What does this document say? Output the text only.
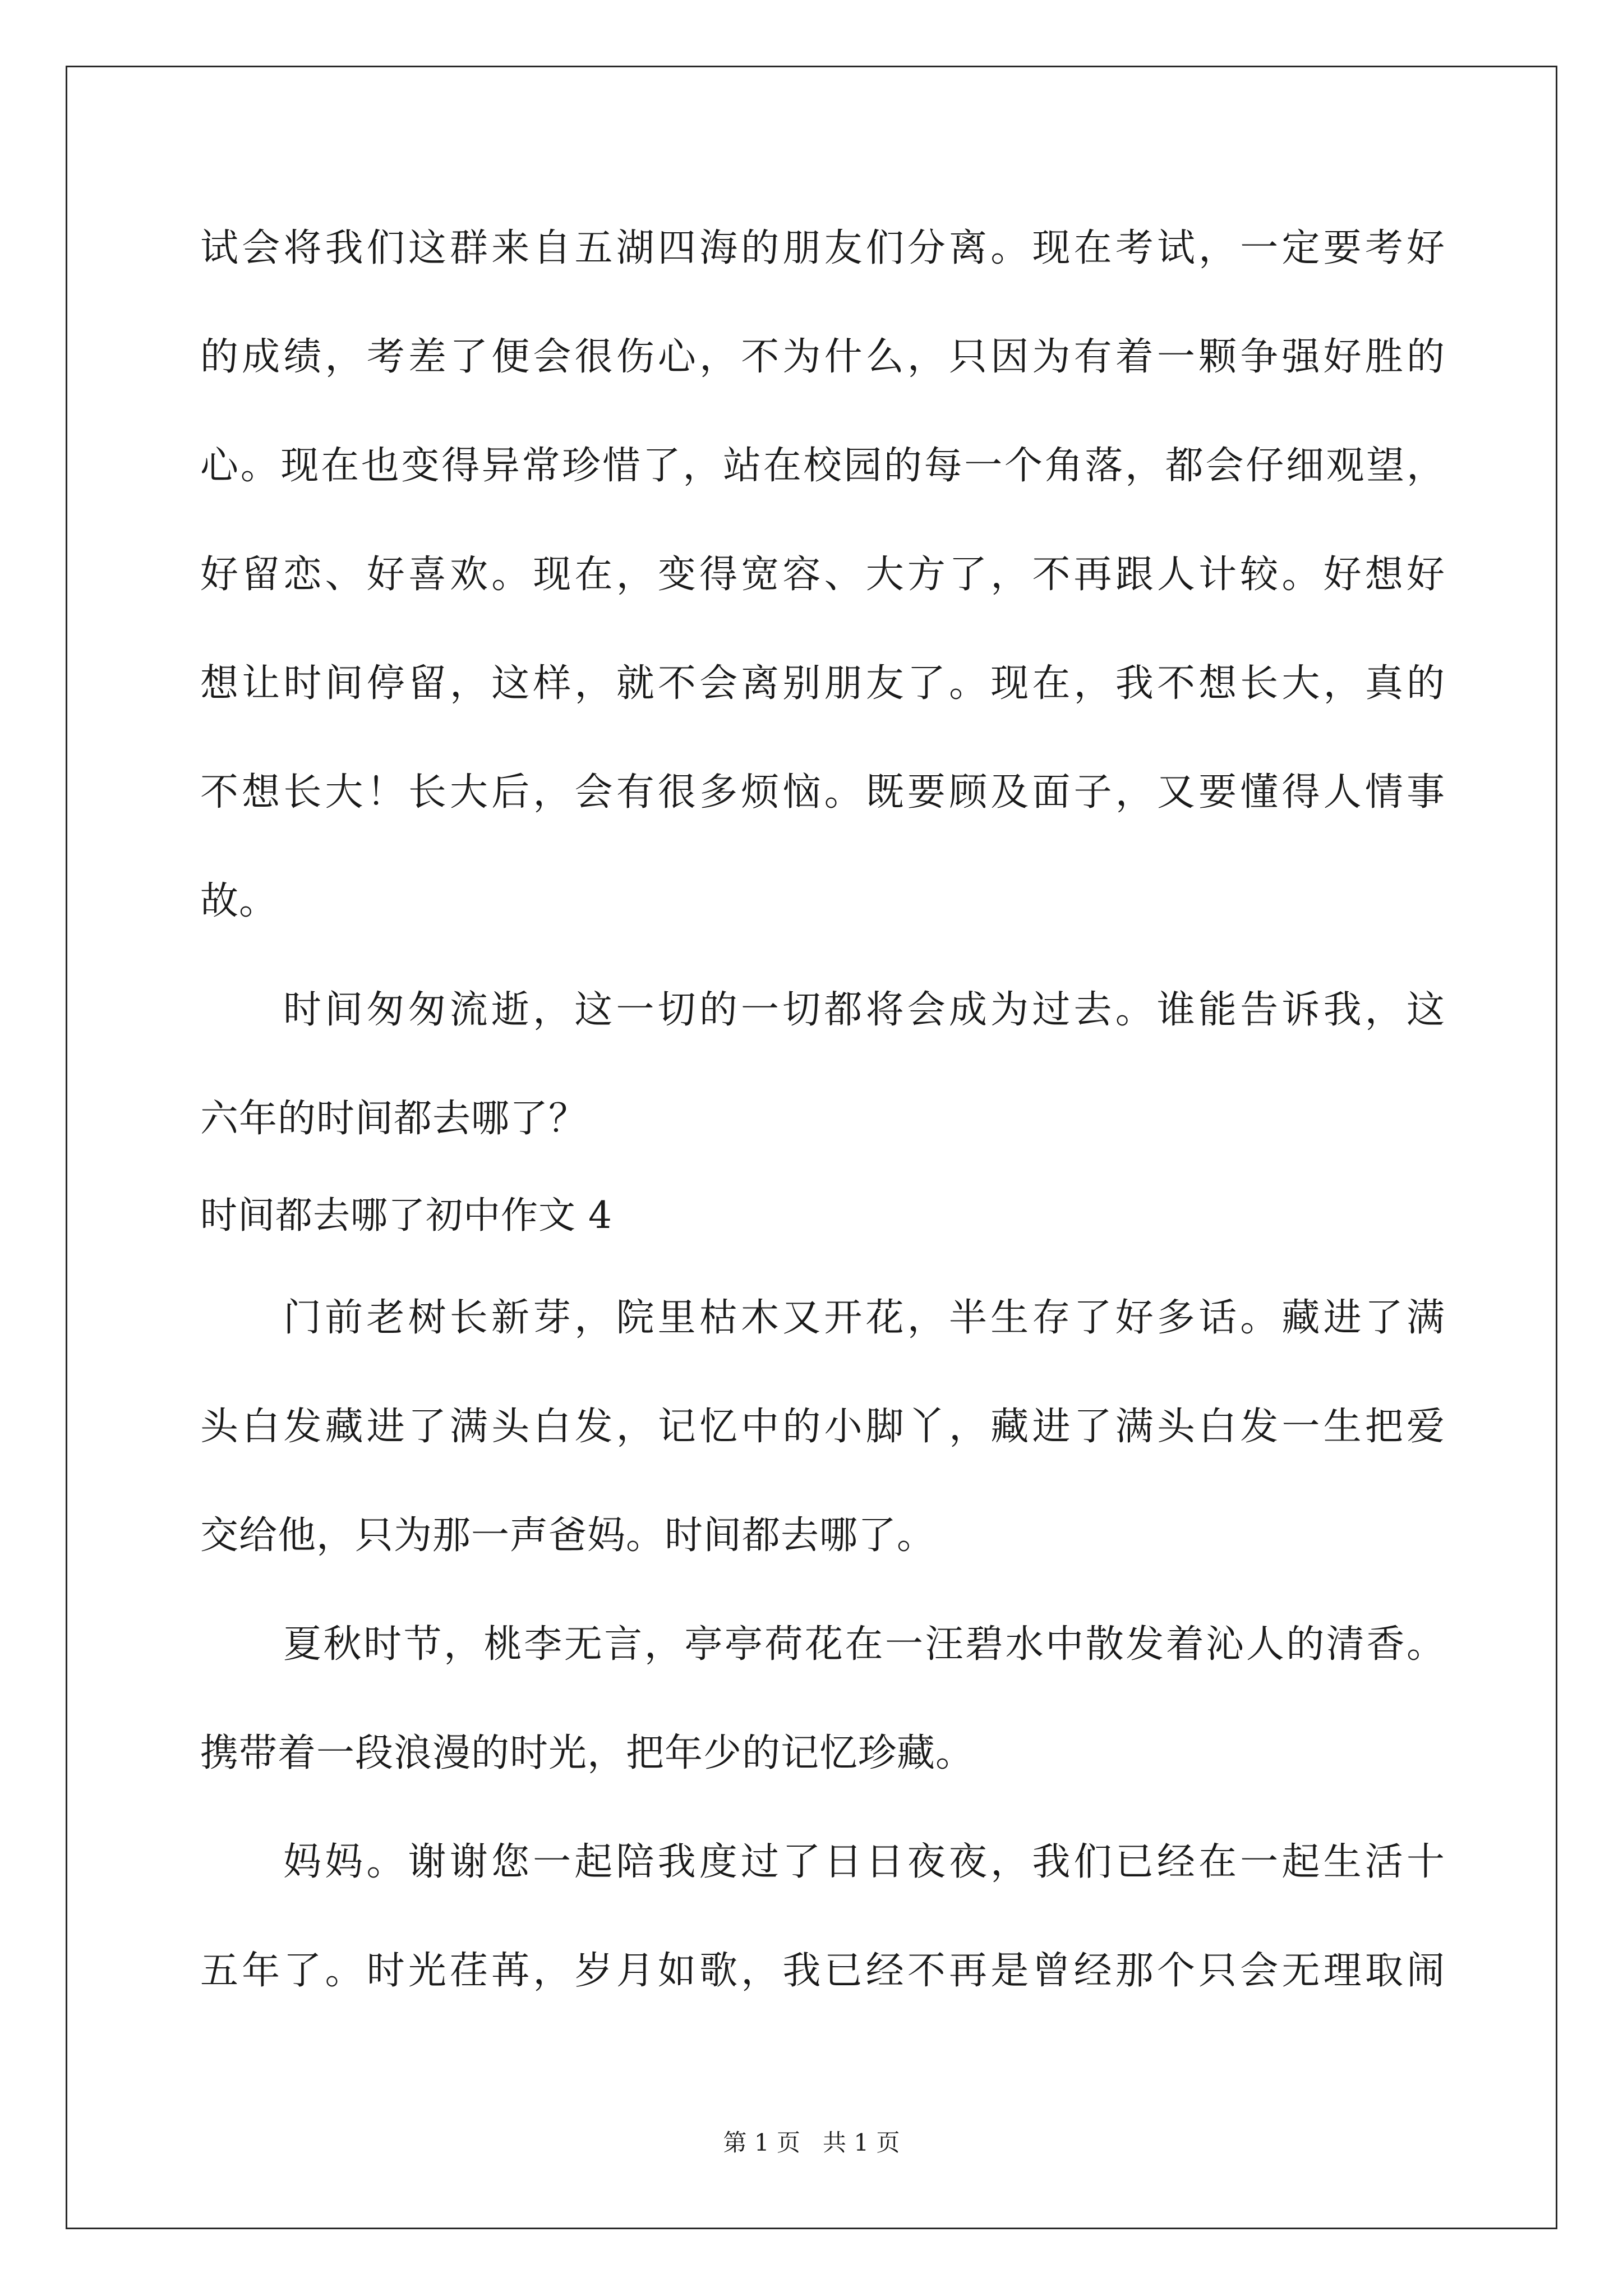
试会将我们这群来自五湖四海的朋友们分离。现在考试，一定要考好
的成绩，考差了便会很伤心，不为什么，只因为有着一颗争强好胜的
心。现在也变得异常珍惜了，站在校园的每一个角落，都会仔细观望，
好留恋、好喜欢。现在，变得宽容、大方了，不再跟人计较。好想好
想让时间停留，这样，就不会离别朋友了。现在，我不想长大，真的
不想长大！长大后，会有很多烦恼。既要顾及面子，又要懂得人情事
故。
时间匆匆流逝，这一切的一切都将会成为过去。谁能告诉我，这
六年的时间都去哪了？
时间都去哪了初中作文 4
门前老树长新芽，院里枯木又开花，半生存了好多话。藏进了满
头白发藏进了满头白发，记忆中的小脚丫，藏进了满头白发一生把爱
交给他，只为那一声爸妈。时间都去哪了。
夏秋时节，桃李无言，亭亭荷花在一汪碧水中散发着沁人的清香。
携带着一段浪漫的时光，把年少的记忆珍藏。
妈妈。谢谢您一起陪我度过了日日夜夜，我们已经在一起生活十
五年了。时光荏苒，岁月如歌，我已经不再是曾经那个只会无理取闹
第 1 页   共 1 页
